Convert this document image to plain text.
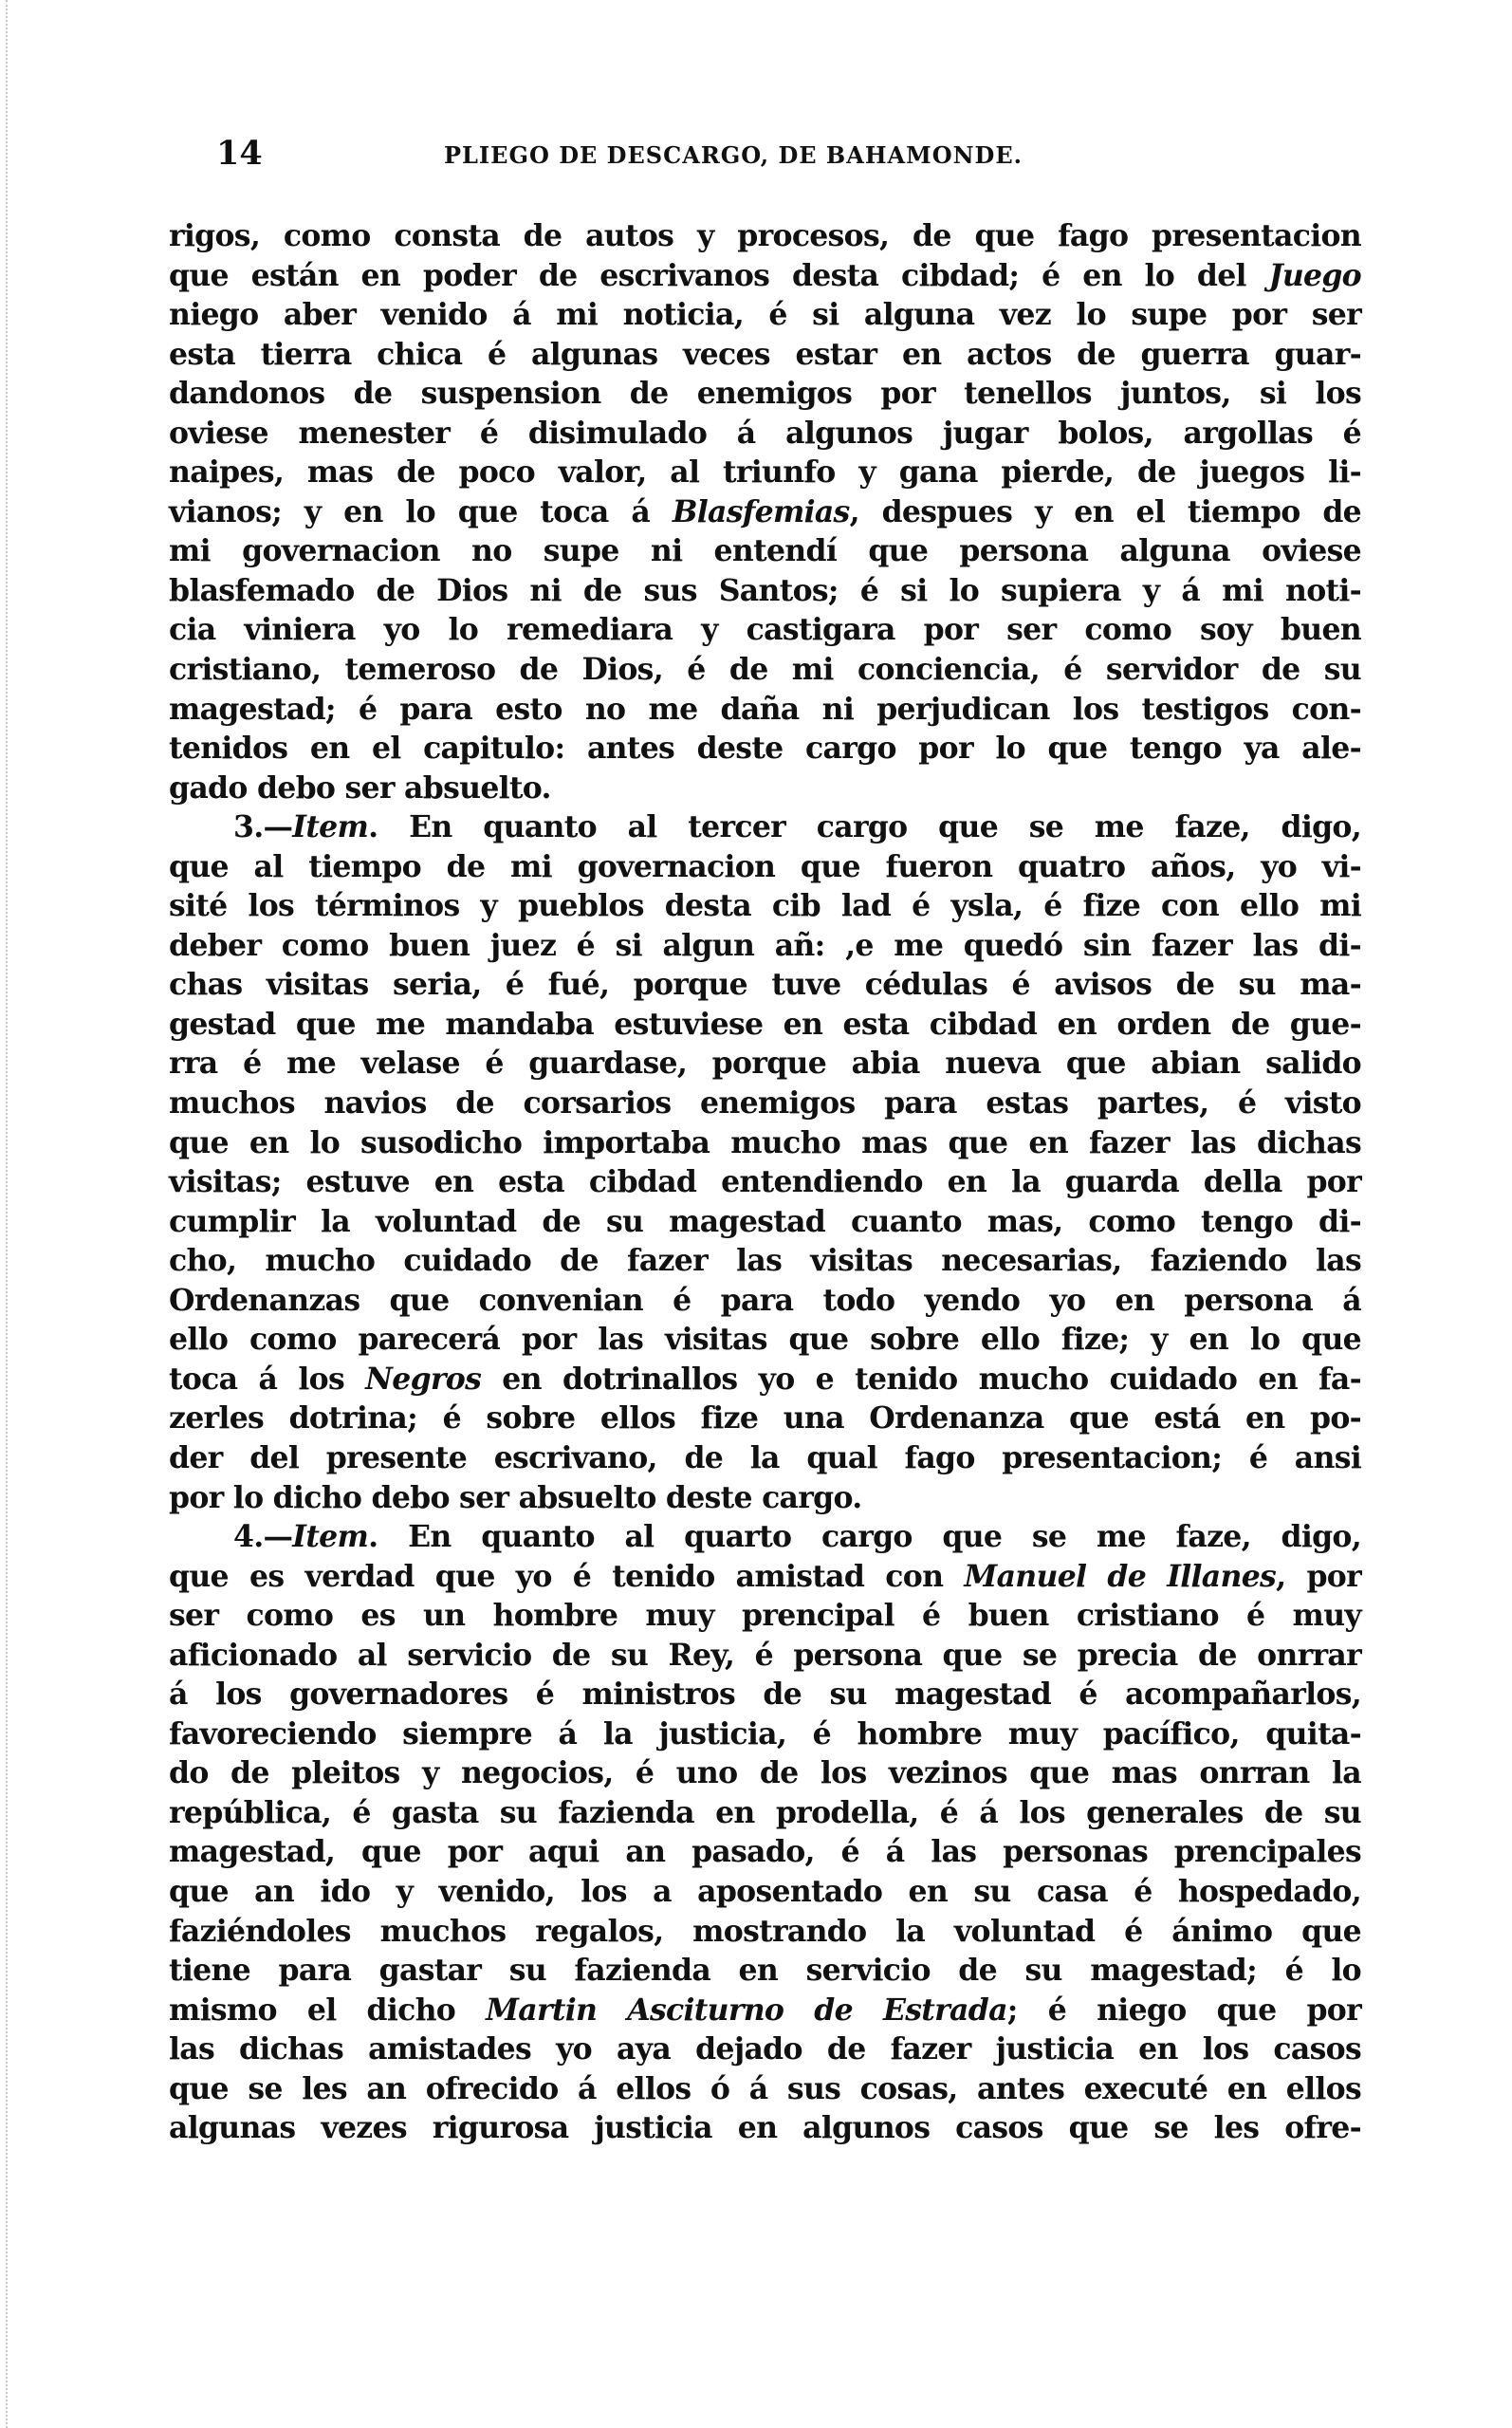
14	PLIEGO DE DESCARGO, DE BAHAMONDE.
rigos, como consta de autos y procesos, de que fago presentacion
que están en poder de escrivanos desta cibdad; é en lo del Juego
niego aber venido á mi noticia, é si alguna vez lo supe por ser
esta tierra chica é algunas veces estar en actos de guerra guar-
dandonos de suspension de enemigos por tenellos juntos, si los
oviese menester é disimulado á algunos jugar bolos, argollas é
naipes, mas de poco valor, al triunfo y gana pierde, de juegos li-
vianos; y en lo que toca á Blasfemias, despues y en el tiempo de
mi governacion no supe ni entendí que persona alguna oviese
blasfemado de Dios ni de sus Santos; é si lo supiera y á mi noti-
cia viniera yo lo remediara y castigara por ser como soy buen
cristiano, temeroso de Dios, é de mi conciencia, é servidor de su
magestad; é para esto no me daña ni perjudican los testigos con-
tenidos en el capitulo: antes deste cargo por lo que tengo ya ale-
gado debo ser absuelto.
3.—Item. En quanto al tercer cargo que se me faze, digo,
que al tiempo de mi governacion que fueron quatro años, yo vi-
sité los términos y pueblos desta cib lad é ysla, é fize con ello mi
deber como buen juez é si algun añ: ,e me quedó sin fazer las di-
chas visitas seria, é fué, porque tuve cédulas é avisos de su ma-
gestad que me mandaba estuviese en esta cibdad en orden de gue-
rra é me velase é guardase, porque abia nueva que abian salido
muchos navios de corsarios enemigos para estas partes, é visto
que en lo susodicho importaba mucho mas que en fazer las dichas
visitas; estuve en esta cibdad entendiendo en la guarda della por
cumplir la voluntad de su magestad cuanto mas, como tengo di-
cho, mucho cuidado de fazer las visitas necesarias, faziendo las
Ordenanzas que convenian é para todo yendo yo en persona á
ello como parecerá por las visitas que sobre ello fize; y en lo que
toca á los Negros en dotrinallos yo e tenido mucho cuidado en fa-
zerles dotrina; é sobre ellos fize una Ordenanza que está en po-
der del presente escrivano, de la qual fago presentacion; é ansi
por lo dicho debo ser absuelto deste cargo.
4.—Item. En quanto al quarto cargo que se me faze, digo,
que es verdad que yo é tenido amistad con Manuel de Illanes, por
ser como es un hombre muy prencipal é buen cristiano é muy
aficionado al servicio de su Rey, é persona que se precia de onrrar
á los governadores é ministros de su magestad é acompañarlos,
favoreciendo siempre á la justicia, é hombre muy pacífico, quita-
do de pleitos y negocios, é uno de los vezinos que mas onrran la
república, é gasta su fazienda en prodella, é á los generales de su
magestad, que por aqui an pasado, é á las personas prencipales
que an ido y venido, los a aposentado en su casa é hospedado,
faziéndoles muchos regalos, mostrando la voluntad é ánimo que
tiene para gastar su fazienda en servicio de su magestad; é lo
mismo el dicho Martin Asciturno de Estrada; é niego que por
las dichas amistades yo aya dejado de fazer justicia en los casos
que se les an ofrecido á ellos ó á sus cosas, antes executé en ellos
algunas vezes rigurosa justicia en algunos casos que se les ofre-
